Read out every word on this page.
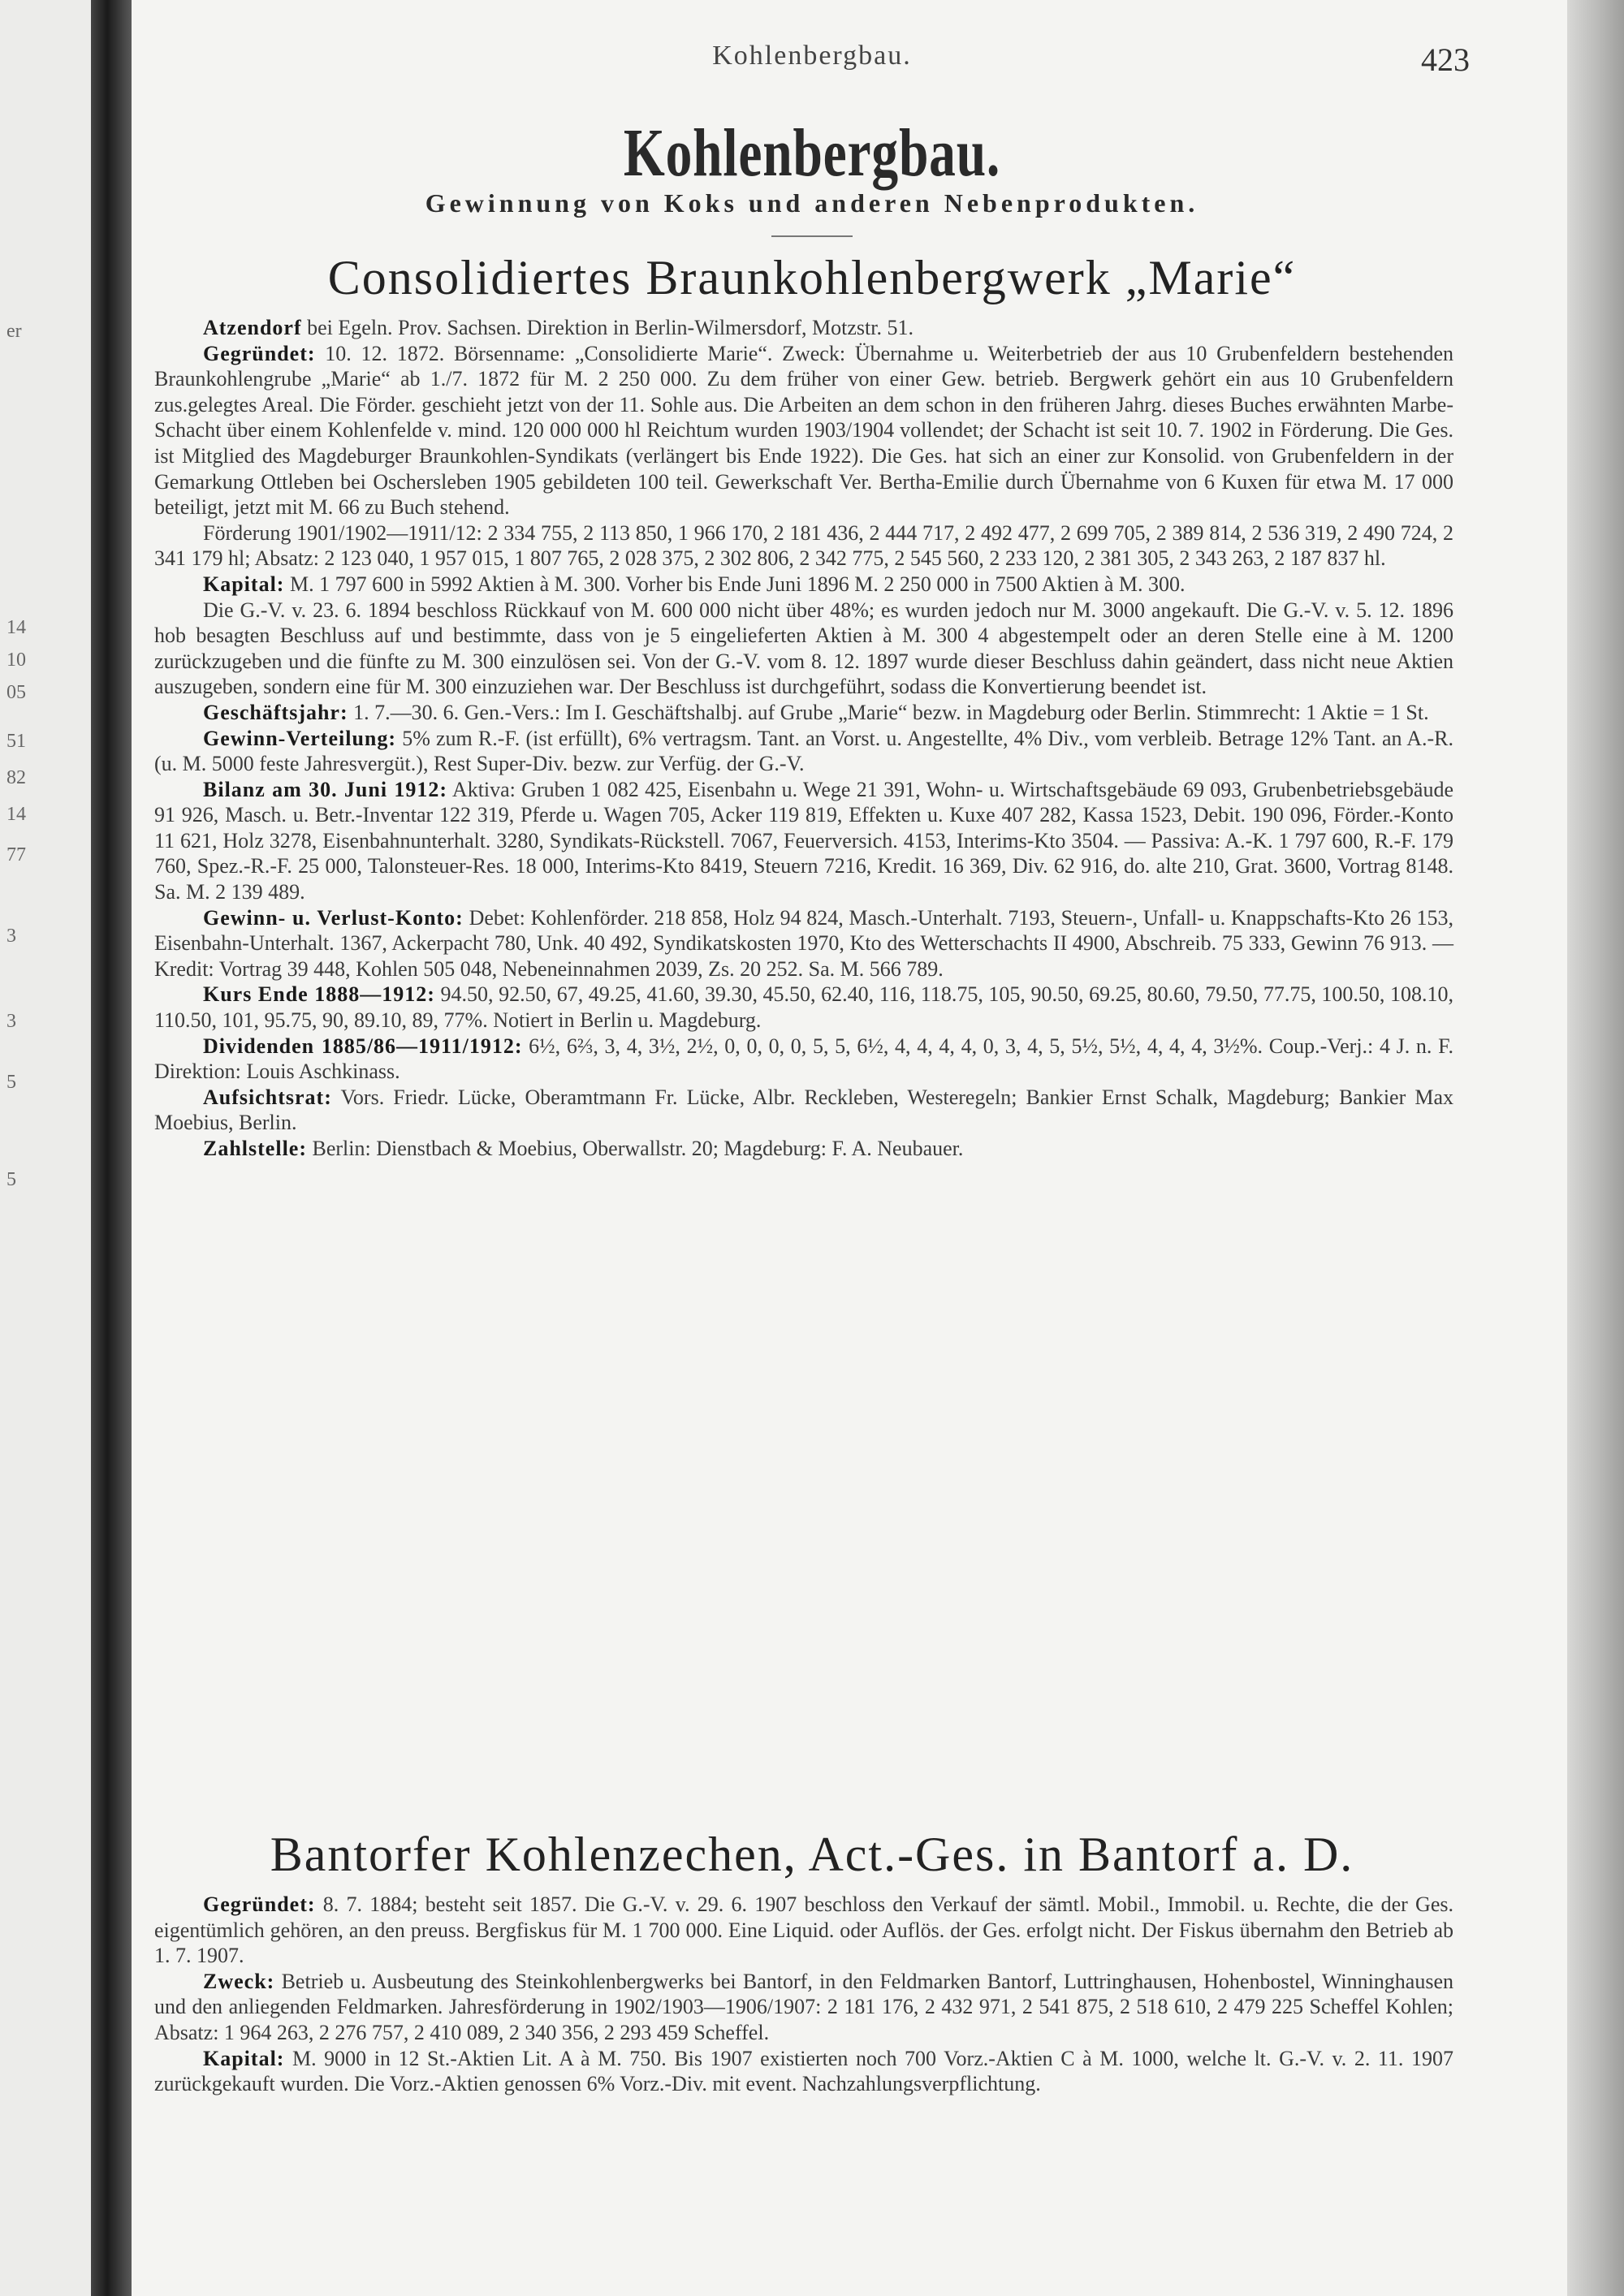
er
14
10
05
51
82
14
77
3
3
5
5
Kohlenbergbau.	423
Kohlenbergbau.
Gewinnung von Koks und anderen Nebenprodukten.
Consolidiertes Braunkohlenbergwerk „Marie“

Atzendorf bei Egeln. Prov. Sachsen. Direktion in Berlin-Wilmersdorf, Motzstr. 51.

Gegründet: 10. 12. 1872. Börsenname: „Consolidierte Marie“. Zweck: Übernahme u. Weiterbetrieb der aus 10 Grubenfeldern bestehenden Braunkohlengrube „Marie“ ab 1./7. 1872 für M. 2 250 000. Zu dem früher von einer Gew. betrieb. Bergwerk gehört ein aus 10 Grubenfeldern zus.gelegtes Areal. Die Förder. geschieht jetzt von der 11. Sohle aus. Die Arbeiten an dem schon in den früheren Jahrg. dieses Buches erwähnten Marbe-Schacht über einem Kohlenfelde v. mind. 120 000 000 hl Reichtum wurden 1903/1904 vollendet; der Schacht ist seit 10. 7. 1902 in Förderung. Die Ges. ist Mitglied des Magdeburger Braunkohlen-Syndikats (verlängert bis Ende 1922). Die Ges. hat sich an einer zur Konsolid. von Grubenfeldern in der Gemarkung Ottleben bei Oschersleben 1905 gebildeten 100 teil. Gewerkschaft Ver. Bertha-Emilie durch Übernahme von 6 Kuxen für etwa M. 17 000 beteiligt, jetzt mit M. 66 zu Buch stehend.

Förderung 1901/1902—1911/12: 2 334 755, 2 113 850, 1 966 170, 2 181 436, 2 444 717, 2 492 477, 2 699 705, 2 389 814, 2 536 319, 2 490 724, 2 341 179 hl; Absatz: 2 123 040, 1 957 015, 1 807 765, 2 028 375, 2 302 806, 2 342 775, 2 545 560, 2 233 120, 2 381 305, 2 343 263, 2 187 837 hl.

Kapital: M. 1 797 600 in 5992 Aktien à M. 300. Vorher bis Ende Juni 1896 M. 2 250 000 in 7500 Aktien à M. 300.

Die G.-V. v. 23. 6. 1894 beschloss Rückkauf von M. 600 000 nicht über 48%; es wurden jedoch nur M. 3000 angekauft. Die G.-V. v. 5. 12. 1896 hob besagten Beschluss auf und bestimmte, dass von je 5 eingelieferten Aktien à M. 300 4 abgestempelt oder an deren Stelle eine à M. 1200 zurückzugeben und die fünfte zu M. 300 einzulösen sei. Von der G.-V. vom 8. 12. 1897 wurde dieser Beschluss dahin geändert, dass nicht neue Aktien auszugeben, sondern eine für M. 300 einzuziehen war. Der Beschluss ist durchgeführt, sodass die Konvertierung beendet ist.

Geschäftsjahr: 1. 7.—30. 6. Gen.-Vers.: Im I. Geschäftshalbj. auf Grube „Marie“ bezw. in Magdeburg oder Berlin. Stimmrecht: 1 Aktie = 1 St.

Gewinn-Verteilung: 5% zum R.-F. (ist erfüllt), 6% vertragsm. Tant. an Vorst. u. Angestellte, 4% Div., vom verbleib. Betrage 12% Tant. an A.-R. (u. M. 5000 feste Jahresvergüt.), Rest Super-Div. bezw. zur Verfüg. der G.-V.

Bilanz am 30. Juni 1912: Aktiva: Gruben 1 082 425, Eisenbahn u. Wege 21 391, Wohn- u. Wirtschaftsgebäude 69 093, Grubenbetriebsgebäude 91 926, Masch. u. Betr.-Inventar 122 319, Pferde u. Wagen 705, Acker 119 819, Effekten u. Kuxe 407 282, Kassa 1523, Debit. 190 096, Förder.-Konto 11 621, Holz 3278, Eisenbahnunterhalt. 3280, Syndikats-Rückstell. 7067, Feuerversich. 4153, Interims-Kto 3504. — Passiva: A.-K. 1 797 600, R.-F. 179 760, Spez.-R.-F. 25 000, Talonsteuer-Res. 18 000, Interims-Kto 8419, Steuern 7216, Kredit. 16 369, Div. 62 916, do. alte 210, Grat. 3600, Vortrag 8148. Sa. M. 2 139 489.

Gewinn- u. Verlust-Konto: Debet: Kohlenförder. 218 858, Holz 94 824, Masch.-Unterhalt. 7193, Steuern-, Unfall- u. Knappschafts-Kto 26 153, Eisenbahn-Unterhalt. 1367, Ackerpacht 780, Unk. 40 492, Syndikatskosten 1970, Kto des Wetterschachts II 4900, Abschreib. 75 333, Gewinn 76 913. — Kredit: Vortrag 39 448, Kohlen 505 048, Nebeneinnahmen 2039, Zs. 20 252. Sa. M. 566 789.

Kurs Ende 1888—1912: 94.50, 92.50, 67, 49.25, 41.60, 39.30, 45.50, 62.40, 116, 118.75, 105, 90.50, 69.25, 80.60, 79.50, 77.75, 100.50, 108.10, 110.50, 101, 95.75, 90, 89.10, 89, 77%. Notiert in Berlin u. Magdeburg.

Dividenden 1885/86—1911/1912: 6½, 6⅔, 3, 4, 3½, 2½, 0, 0, 0, 0, 5, 5, 6½, 4, 4, 4, 4, 0, 3, 4, 5, 5½, 5½, 4, 4, 4, 3½%. Coup.-Verj.: 4 J. n. F. Direktion: Louis Aschkinass.

Aufsichtsrat: Vors. Friedr. Lücke, Oberamtmann Fr. Lücke, Albr. Reckleben, Westeregeln; Bankier Ernst Schalk, Magdeburg; Bankier Max Moebius, Berlin.

Zahlstelle: Berlin: Dienstbach & Moebius, Oberwallstr. 20; Magdeburg: F. A. Neubauer.

Bantorfer Kohlenzechen, Act.-Ges. in Bantorf a. D.

Gegründet: 8. 7. 1884; besteht seit 1857. Die G.-V. v. 29. 6. 1907 beschloss den Verkauf der sämtl. Mobil., Immobil. u. Rechte, die der Ges. eigentümlich gehören, an den preuss. Bergfiskus für M. 1 700 000. Eine Liquid. oder Auflös. der Ges. erfolgt nicht. Der Fiskus übernahm den Betrieb ab 1. 7. 1907.

Zweck: Betrieb u. Ausbeutung des Steinkohlenbergwerks bei Bantorf, in den Feldmarken Bantorf, Luttringhausen, Hohenbostel, Winninghausen und den anliegenden Feldmarken. Jahresförderung in 1902/1903—1906/1907: 2 181 176, 2 432 971, 2 541 875, 2 518 610, 2 479 225 Scheffel Kohlen; Absatz: 1 964 263, 2 276 757, 2 410 089, 2 340 356, 2 293 459 Scheffel.

Kapital: M. 9000 in 12 St.-Aktien Lit. A à M. 750. Bis 1907 existierten noch 700 Vorz.-Aktien C à M. 1000, welche lt. G.-V. v. 2. 11. 1907 zurückgekauft wurden. Die Vorz.-Aktien genossen 6% Vorz.-Div. mit event. Nachzahlungsverpflichtung.
